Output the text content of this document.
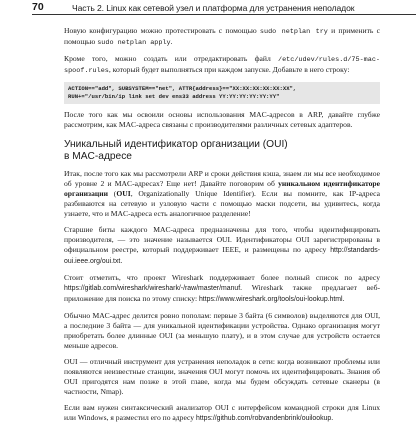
70	Часть 2. Linux как сетевой узел и платформа для устранения неполадок

Новую конфигурацию можно протестировать с помощью sudo netplan try и применить с помощью sudo netplan apply.

Кроме того, можно создать или отредактировать файл /etc/udev/rules.d/75-mac-spoof.rules, который будет выполняться при каждом запуске. Добавьте в него строку:

ACTION=="add", SUBSYSTEM=="net", ATTR{address}=="XX:XX:XX:XX:XX:XX",
RUN+="/usr/bin/ip link set dev ens33 address YY:YY:YY:YY:YY:YY"

После того как мы освоили основы использования MAC-адресов в ARP, давайте глубже рассмотрим, как MAC-адреса связаны с производителями различных сетевых адаптеров.

Уникальный идентификатор организации (OUI)
в MAC-адресе

Итак, после того как мы рассмотрели ARP и сроки действия кэша, знаем ли мы все необходимое об уровне 2 и MAC-адресах? Еще нет! Давайте поговорим об уникальном идентификаторе организации (OUI, Organizationally Unique Identifier). Если вы помните, как IP-адреса разбиваются на сетевую и узловую части с помощью маски подсети, вы удивитесь, когда узнаете, что и MAC-адреса есть аналогичное разделение!

Старшие биты каждого MAC-адреса предназначены для того, чтобы идентифицировать производителя, — это значение называется OUI. Идентификаторы OUI зарегистрированы в официальном реестре, который поддерживает IEEE, и размещены по адресу http://standards-oui.ieee.org/oui.txt.

Стоит отметить, что проект Wireshark поддерживает более полный список по адресу https://gitlab.com/wireshark/wireshark/-/raw/master/manuf. Wireshark также предлагает веб-приложение для поиска по этому списку: https://www.wireshark.org/tools/oui-lookup.html.

Обычно MAC-адрес делится ровно пополам: первые 3 байта (6 символов) выделяются для OUI, а последние 3 байта — для уникальной идентификации устройства. Однако организация могут приобретать более длинные OUI (за меньшую плату), и в этом случае для устройств остается меньше адресов.

OUI — отличный инструмент для устранения неполадок в сети: когда возникают проблемы или появляются неизвестные станции, значения OUI могут помочь их идентифицировать. Знания об OUI пригодятся нам позже в этой главе, когда мы будем обсуждать сетевые сканеры (в частности, Nmap).

Если вам нужен синтаксический анализатор OUI с интерфейсом командной строки для Linux или Windows, я разместил его по адресу https://github.com/robvandenbrink/ouilookup.
